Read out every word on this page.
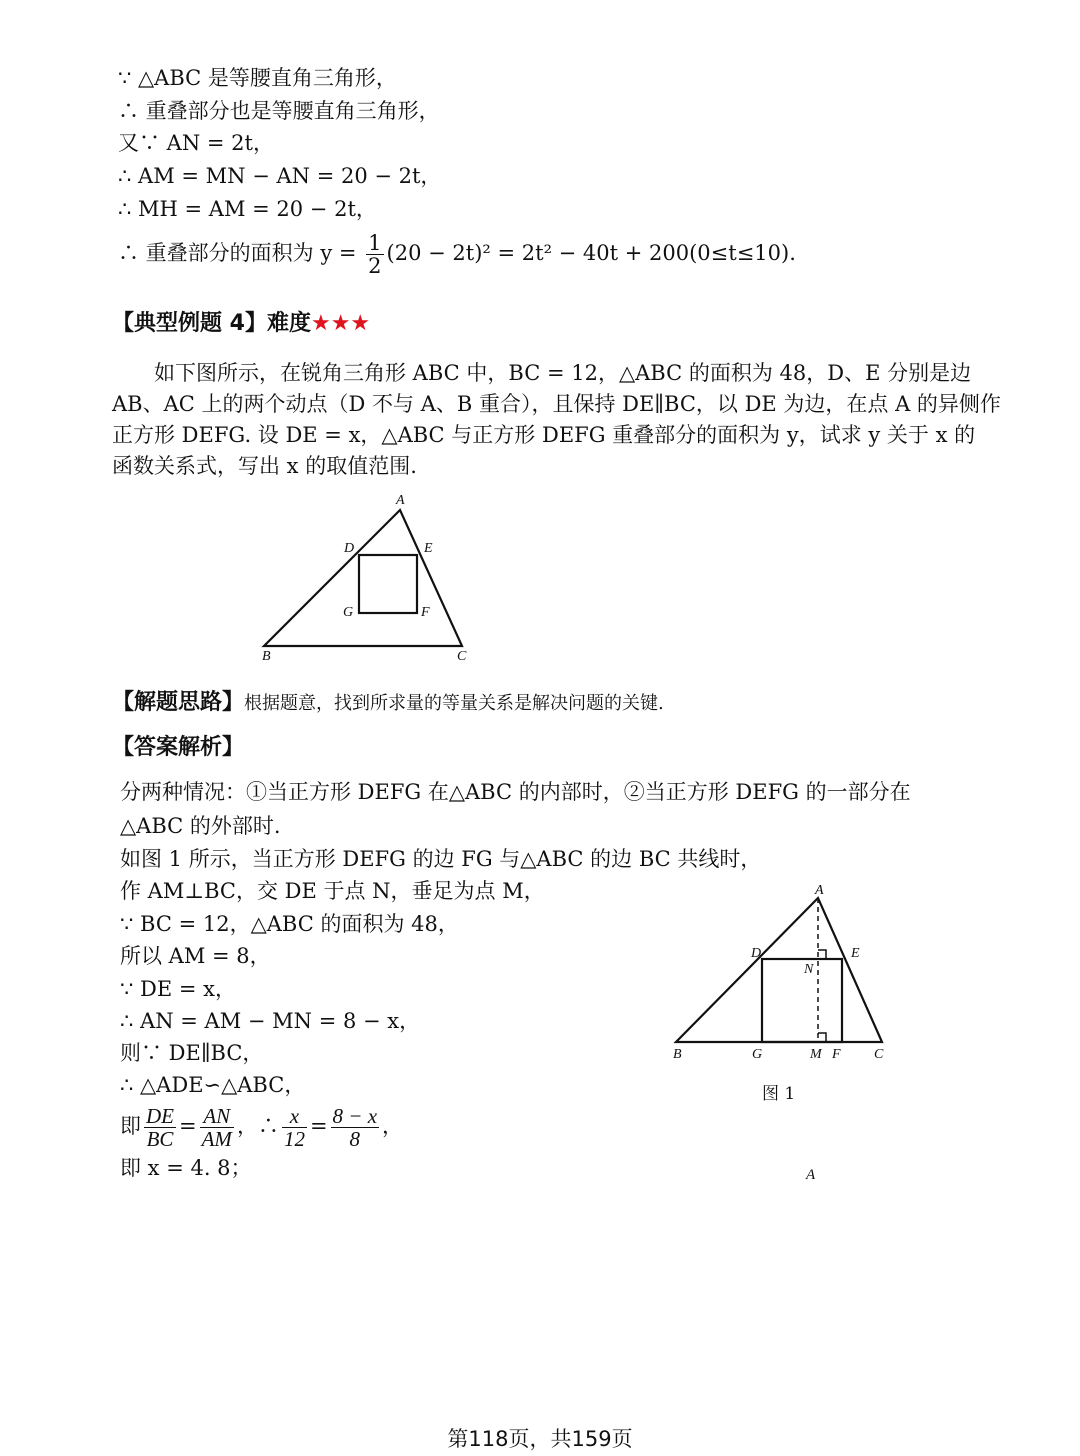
∵ △ABC 是等腰直角三角形，
∴ 重叠部分也是等腰直角三角形，
又∵ AN = 2t，
∴ AM = MN − AN = 20 − 2t，
∴ MH = AM = 20 − 2t，
∴ 重叠部分的面积为 $y = \frac{1}{2} (20 - 2t)^2 = 2t^2 - 40t + 200(0\le t\le 10)$.
【典型例题 4】难度★★★
如下图所示，在锐角三角形 ABC 中，BC = 12，△ABC 的面积为 48，D、E 分别是边
AB、AC 上的两个动点（D 不与 A、B 重合），且保持 DE∥BC，以 DE 为边，在点 A 的异侧作
正方形 DEFG. 设 DE = x，△ABC 与正方形 DEFG 重叠部分的面积为 y，试求 y 关于 x 的
函数关系式，写出 x 的取值范围.
A
B	C
D	E
F
G
【解题思路】根据题意，找到所求量的等量关系是解决问题的关键.
【答案解析】
分两种情况：①当正方形 DEFG 在△ABC 的内部时，②当正方形 DEFG 的一部分在
△ABC 的外部时.
如图 1 所示，当正方形 DEFG 的边 FG 与△ABC 的边 BC 共线时，
作 AM⊥BC，交 DE 于点 N，垂足为点 M，
∵ BC = 12，△ABC 的面积为 48，
所以 AM = 8，
∵ DE = x，
∴ AN = AM − MN = 8 − x，
则∵ DE∥BC，
∴ △ADE∽△ABC，
即 $\frac{DE}{BC} = \frac{AN}{AM}$ ，∴ $\frac{x}{12} = \frac{8 - x}{8}$ ，
即 x = 4. 8；
A
B	C
D	E
F
G	M
N
图 1
A
第118页，共159页
